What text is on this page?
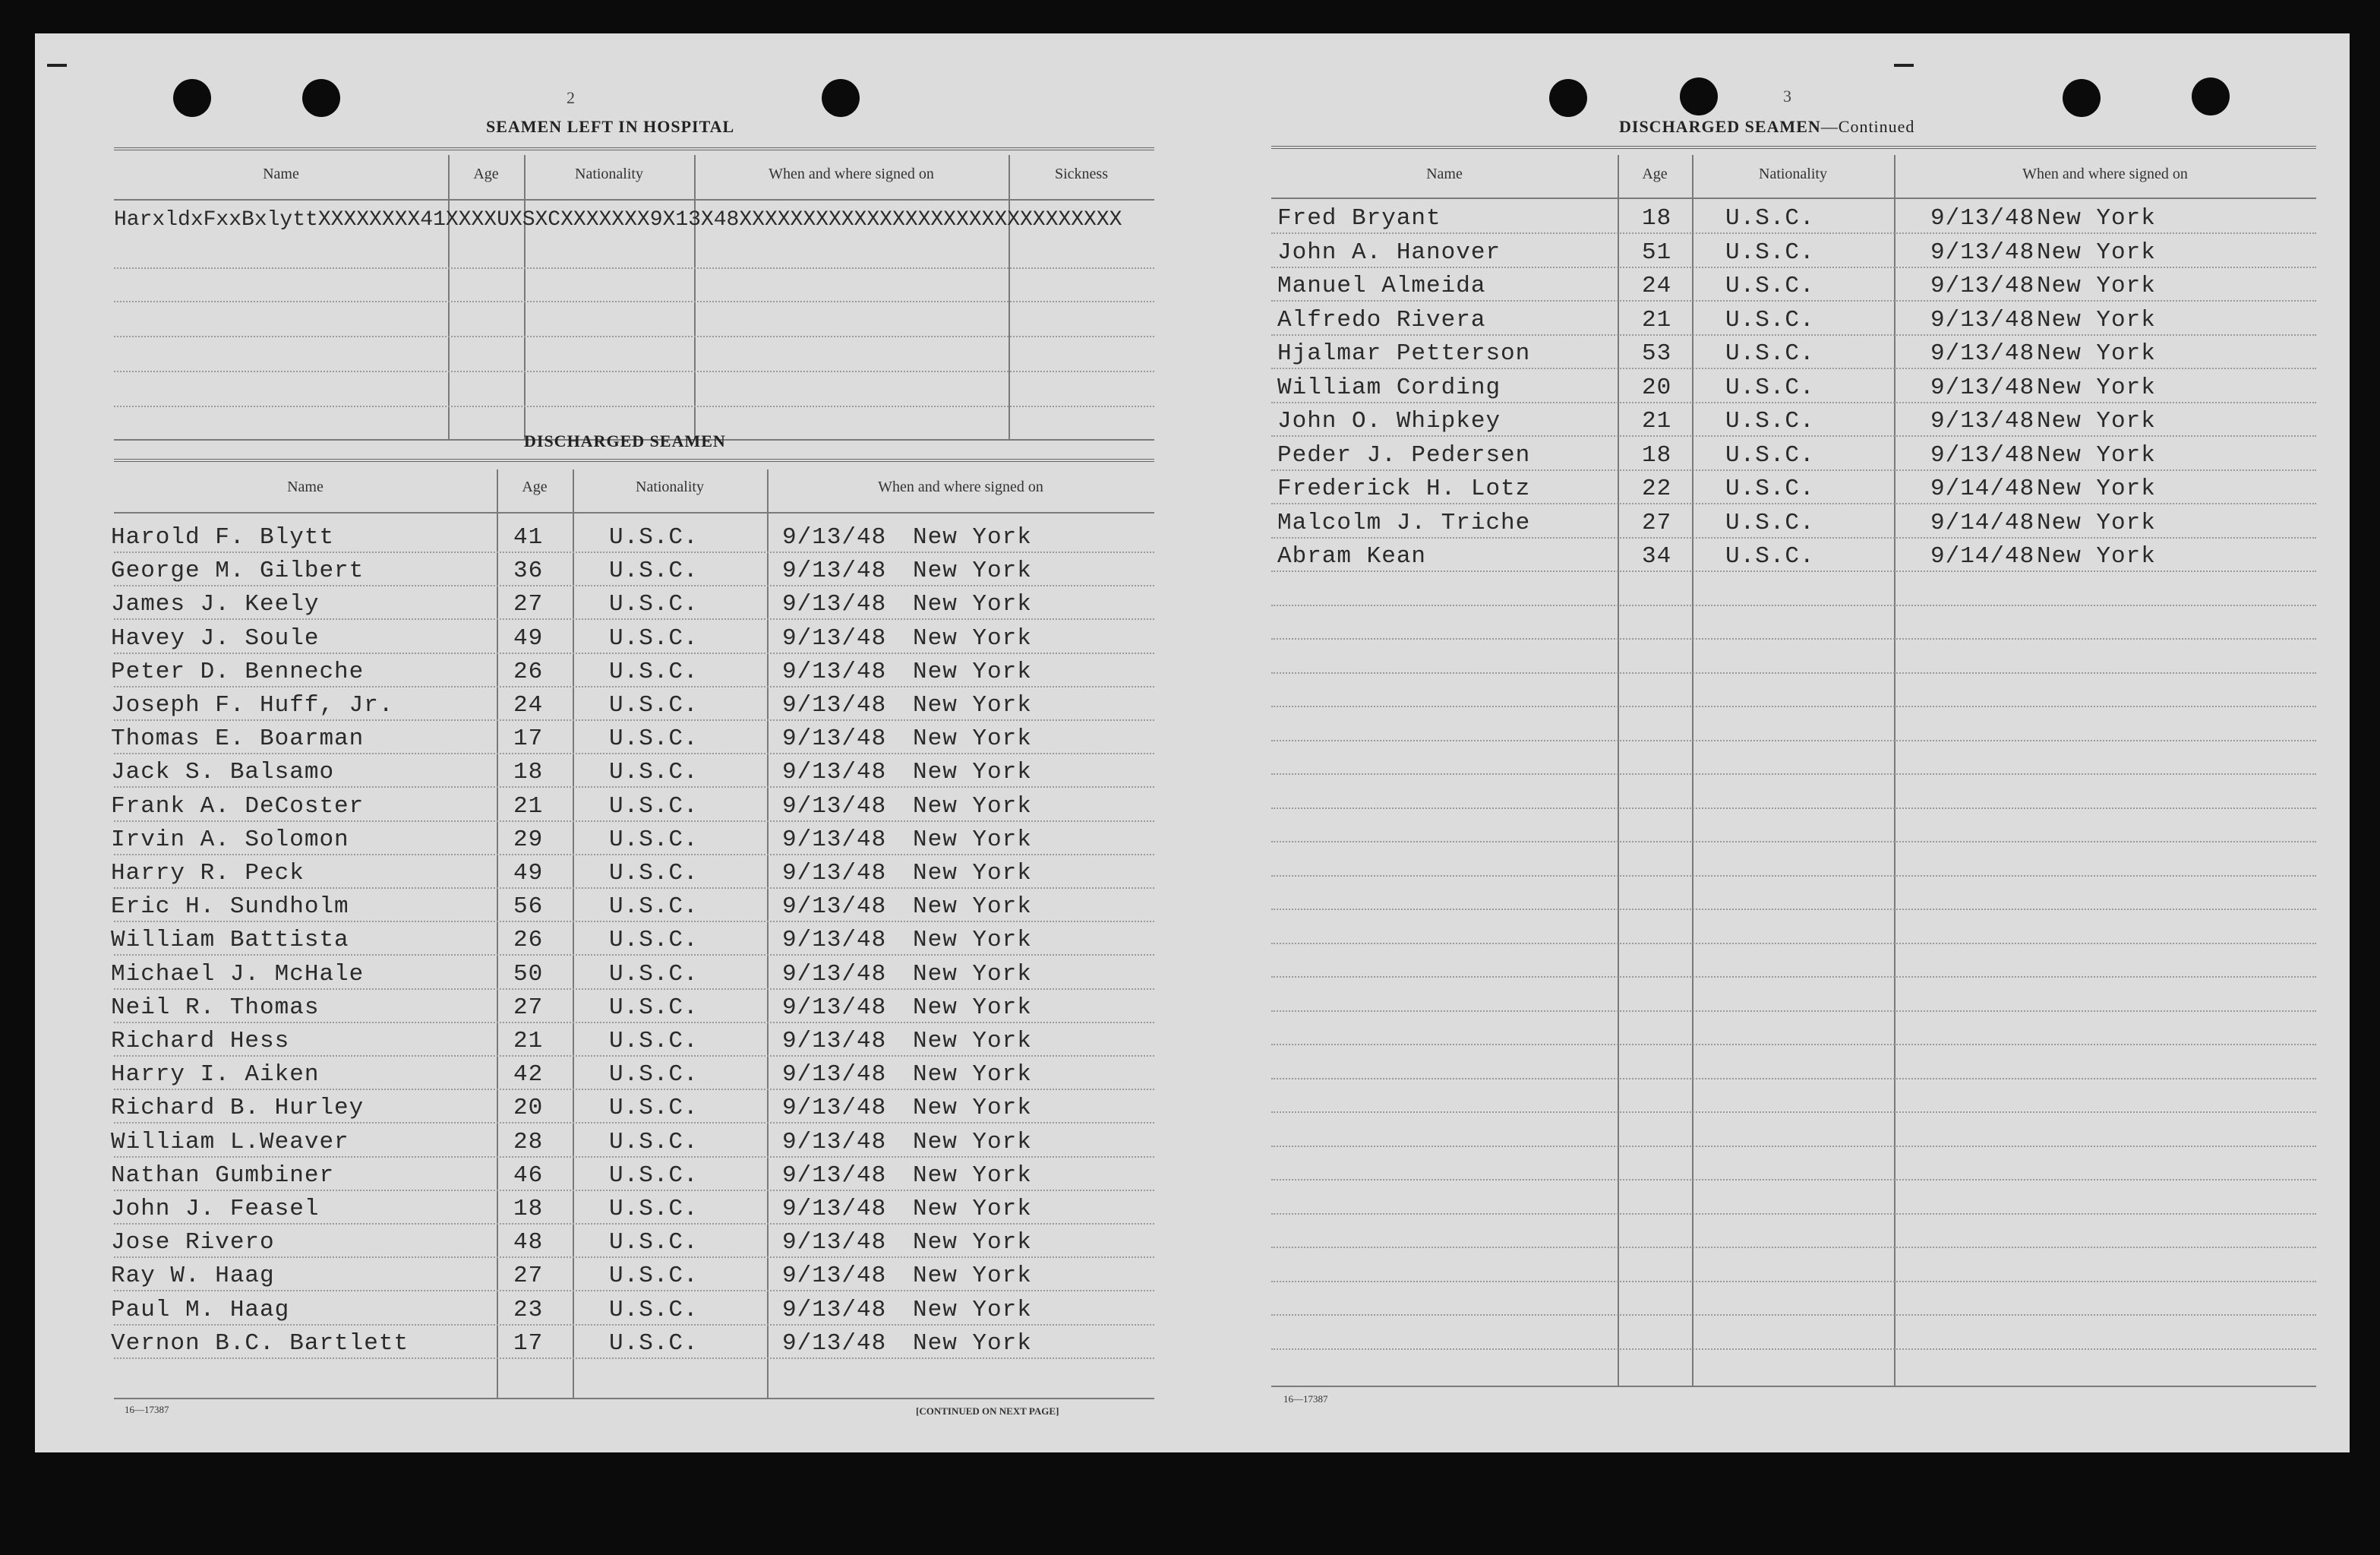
2
SEAMEN LEFT IN HOSPITAL
Name	Age	Nationality	When and where signed on	Sickness
HarxldxFxxBxlyttXXXXXXXX41XXXXUXSXCXXXXXXX9X13X48XXXXXXXXXXXXXXXXXXXXXXXXXXXXXX
DISCHARGED SEAMEN
Name	Age	Nationality	When and where signed on
Harold F. Blytt	41	U.S.C.	9/13/48 New York
George M. Gilbert	36	U.S.C.	9/13/48 New York
James J. Keely	27	U.S.C.	9/13/48 New York
Havey J. Soule	49	U.S.C.	9/13/48 New York
Peter D. Benneche	26	U.S.C.	9/13/48 New York
Joseph F. Huff, Jr.	24	U.S.C.	9/13/48 New York
Thomas E. Boarman	17	U.S.C.	9/13/48 New York
Jack S. Balsamo	18	U.S.C.	9/13/48 New York
Frank A. DeCoster	21	U.S.C.	9/13/48 New York
Irvin A. Solomon	29	U.S.C.	9/13/48 New York
Harry R. Peck	49	U.S.C.	9/13/48 New York
Eric H. Sundholm	56	U.S.C.	9/13/48 New York
William Battista	26	U.S.C.	9/13/48 New York
Michael J. McHale	50	U.S.C.	9/13/48 New York
Neil R. Thomas	27	U.S.C.	9/13/48 New York
Richard Hess	21	U.S.C.	9/13/48 New York
Harry I. Aiken	42	U.S.C.	9/13/48 New York
Richard B. Hurley	20	U.S.C.	9/13/48 New York
William L.Weaver	28	U.S.C.	9/13/48 New York
Nathan Gumbiner	46	U.S.C.	9/13/48 New York
John J. Feasel	18	U.S.C.	9/13/48 New York
Jose Rivero	48	U.S.C.	9/13/48 New York
Ray W. Haag	27	U.S.C.	9/13/48 New York
Paul M. Haag	23	U.S.C.	9/13/48 New York
Vernon B.C. Bartlett	17	U.S.C.	9/13/48 New York
16—17387	[CONTINUED ON NEXT PAGE]
3
DISCHARGED SEAMEN—Continued
Name	Age	Nationality	When and where signed on
Fred Bryant	18 U.S.C.	9/13/48 New York
John A. Hanover	51 U.S.C.	9/13/48 New York
Manuel Almeida	24 U.S.C.	9/13/48 New York
Alfredo Rivera	21 U.S.C.	9/13/48 New York
Hjalmar Petterson	53 U.S.C.	9/13/48 New York
William Cording	20 U.S.C.	9/13/48 New York
John O. Whipkey	21 U.S.C.	9/13/48 New York
Peder J. Pedersen	18 U.S.C.	9/13/48 New York
Frederick H. Lotz	22 U.S.C.	9/14/48 New York
Malcolm J. Triche	27 U.S.C.	9/14/48 New York
Abram Kean	34 U.S.C.	9/14/48 New York
16—17387
